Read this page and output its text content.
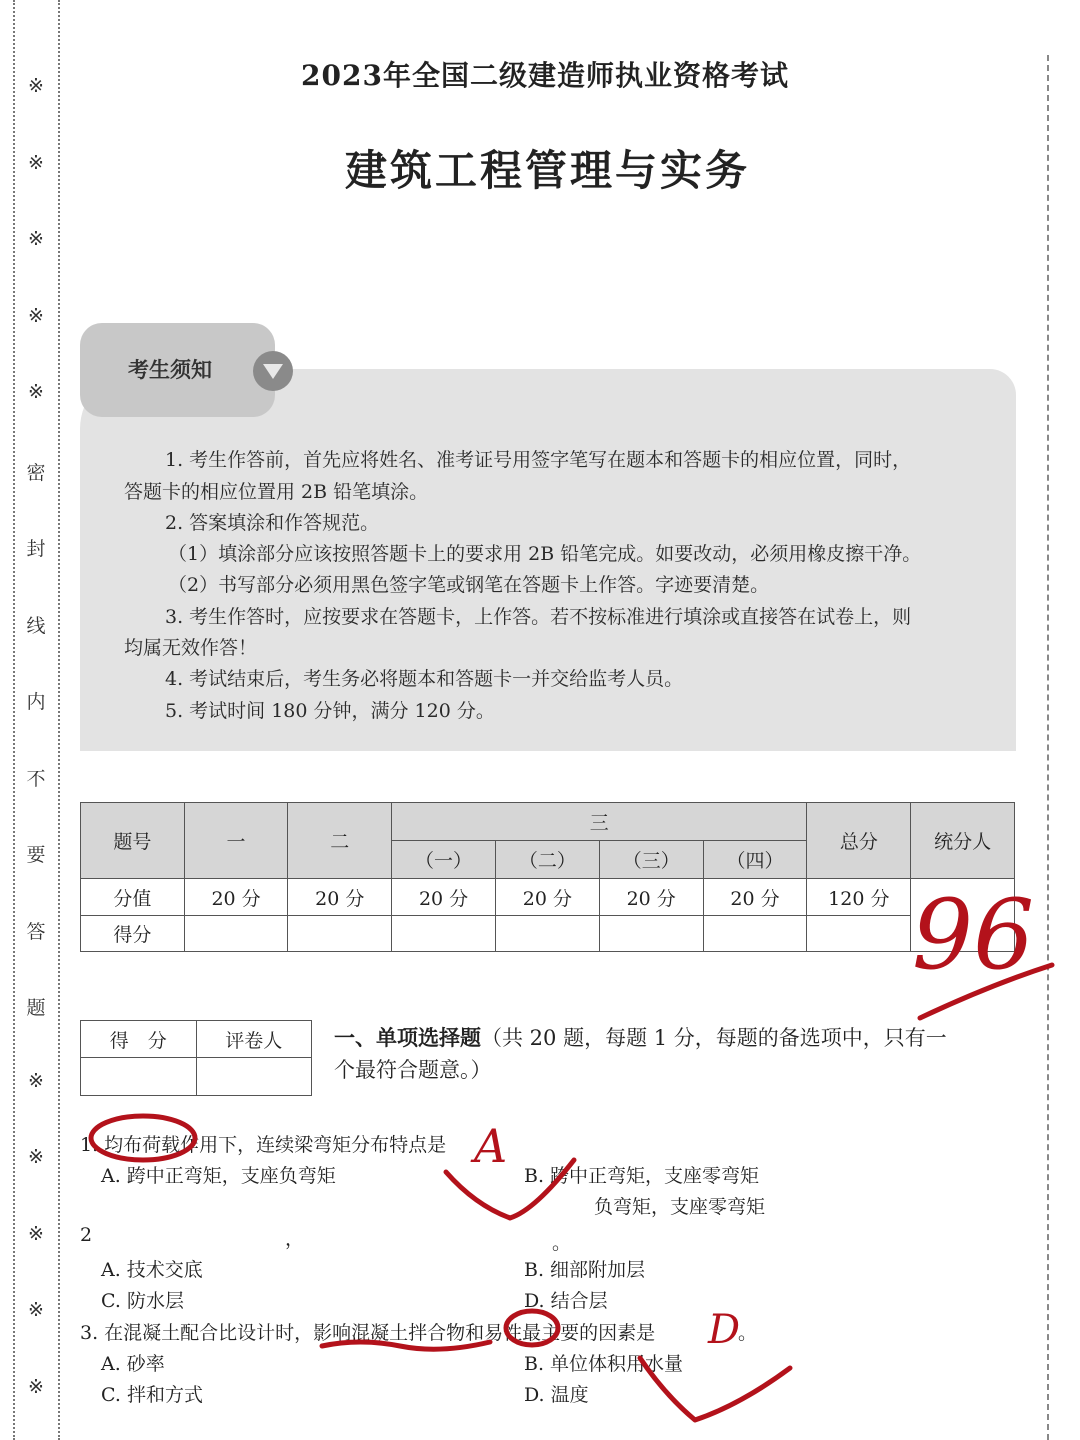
※
※
※
※
※
密
封
线
内
不
要
答
题
※
※
※
※
※
2023年全国二级建造师执业资格考试
建筑工程管理与实务
考生须知
1. 考生作答前，首先应将姓名、准考证号用签字笔写在题本和答题卡的相应位置，同时，
答题卡的相应位置用 2B 铅笔填涂。
2. 答案填涂和作答规范。
（1）填涂部分应该按照答题卡上的要求用 2B 铅笔完成。如要改动，必须用橡皮擦干净。
（2）书写部分必须用黑色签字笔或钢笔在答题卡上作答。字迹要清楚。
3. 考生作答时，应按要求在答题卡，上作答。若不按标准进行填涂或直接答在试卷上，则
均属无效作答！
4. 考试结束后，考生务必将题本和答题卡一并交给监考人员。
5. 考试时间 180 分钟，满分 120 分。
题号	一	二	三				总分	统分人
			（一）	（二）	（三）	（四）		
分值	20 分	20 分	20 分	20 分	20 分	20 分	120 分	
得分								
得　分	评卷人
	一、单项选择题（共 20 题，每题 1 分，每题的备选项中，只有一
个最符合题意。）
1. 均布荷载作用下，连续梁弯矩分布特点是
A. 跨中正弯矩，支座负弯矩	B. 跨中正弯矩，支座零弯矩
负弯矩，支座零弯矩
2	，	。
A. 技术交底	B. 细部附加层
C. 防水层	D. 结合层
3. 在混凝土配合比设计时，影响混凝土拌合物和易性最主要的因素是	。
A. 砂率	B. 单位体积用水量
C. 拌和方式	D. 温度
96
A
D
